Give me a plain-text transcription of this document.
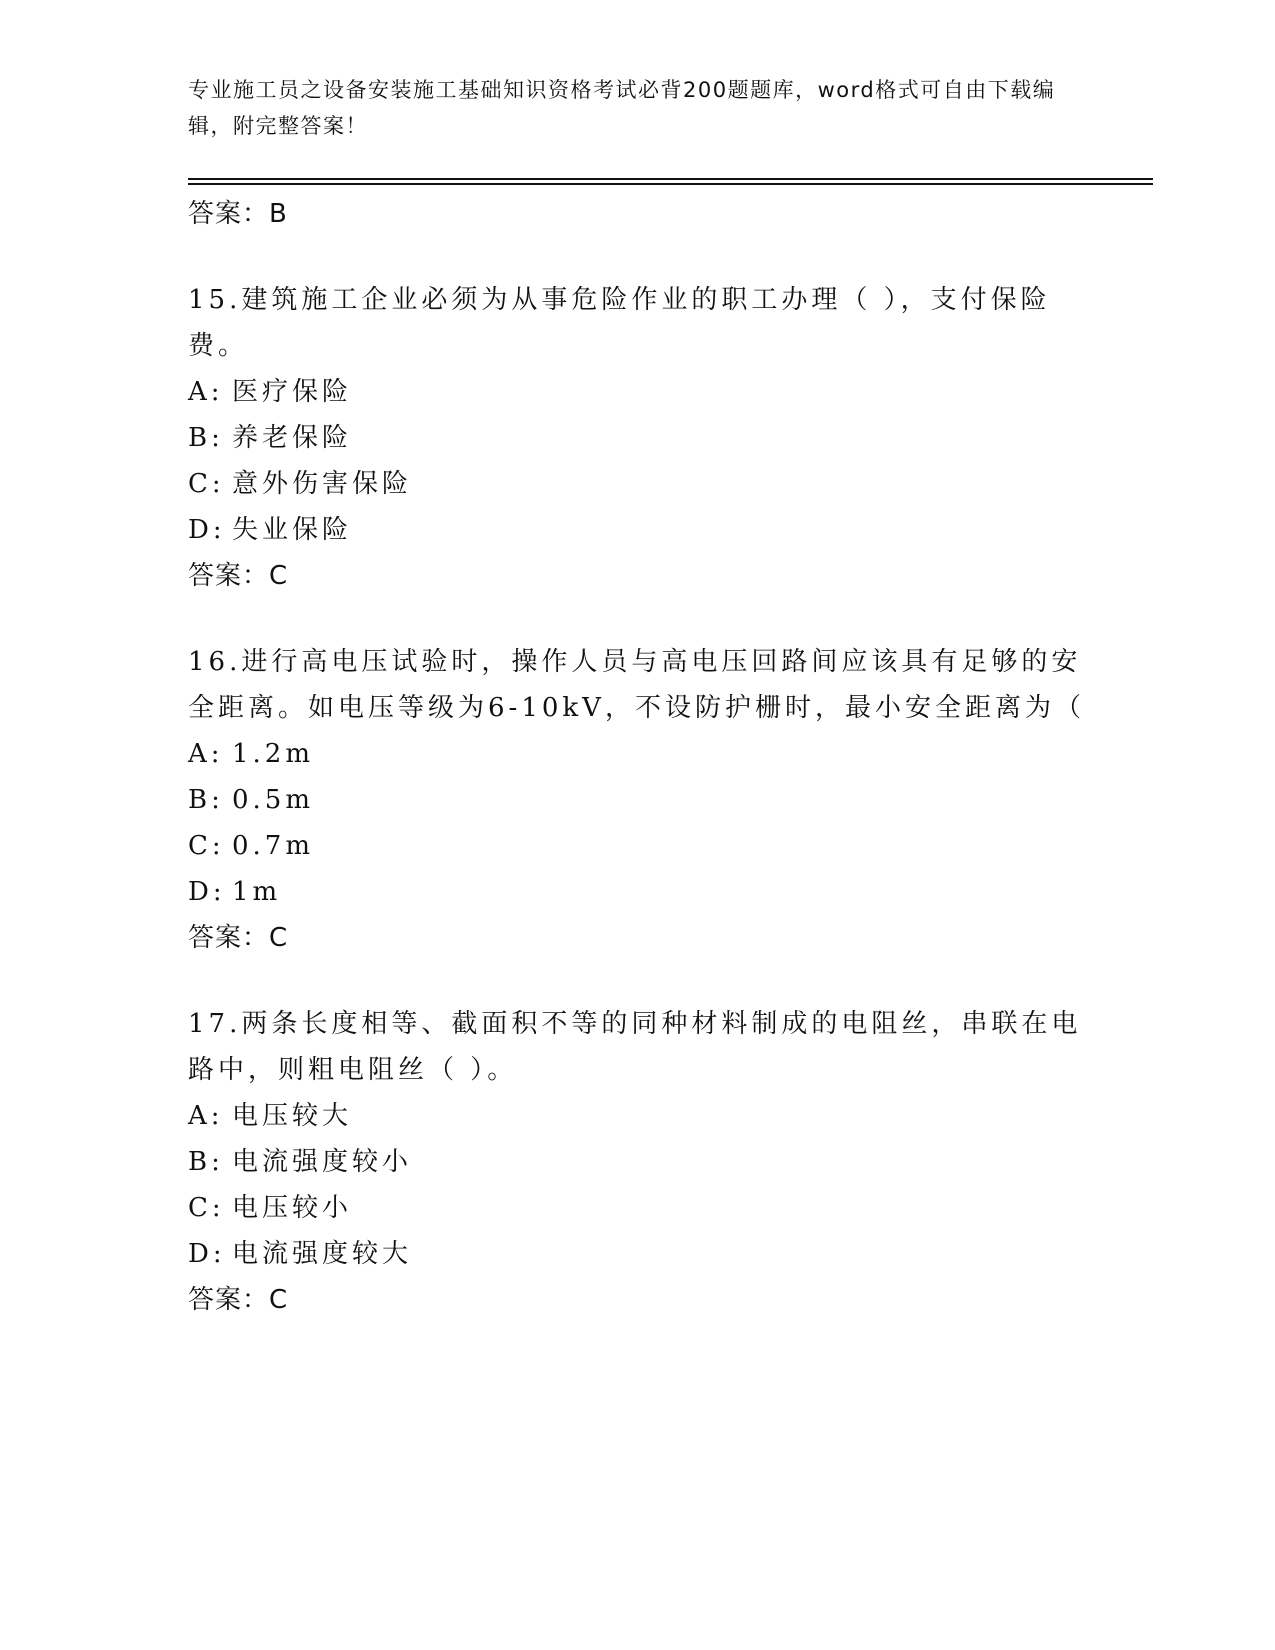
专业施工员之设备安装施工基础知识资格考试必背200题题库，word格式可自由下载编辑，附完整答案！
答案：B
15.建筑施工企业必须为从事危险作业的职工办理（ ），支付保险费。
A: 医疗保险
B: 养老保险
C: 意外伤害保险
D: 失业保险
答案：C
16.进行高电压试验时，操作人员与高电压回路间应该具有足够的安全距离。如电压等级为6-10kV，不设防护栅时，最小安全距离为（
A: 1.2m
B: 0.5m
C: 0.7m
D: 1m
答案：C
17.两条长度相等、截面积不等的同种材料制成的电阻丝，串联在电路中，则粗电阻丝（ ）。
A: 电压较大
B: 电流强度较小
C: 电压较小
D: 电流强度较大
答案：C
